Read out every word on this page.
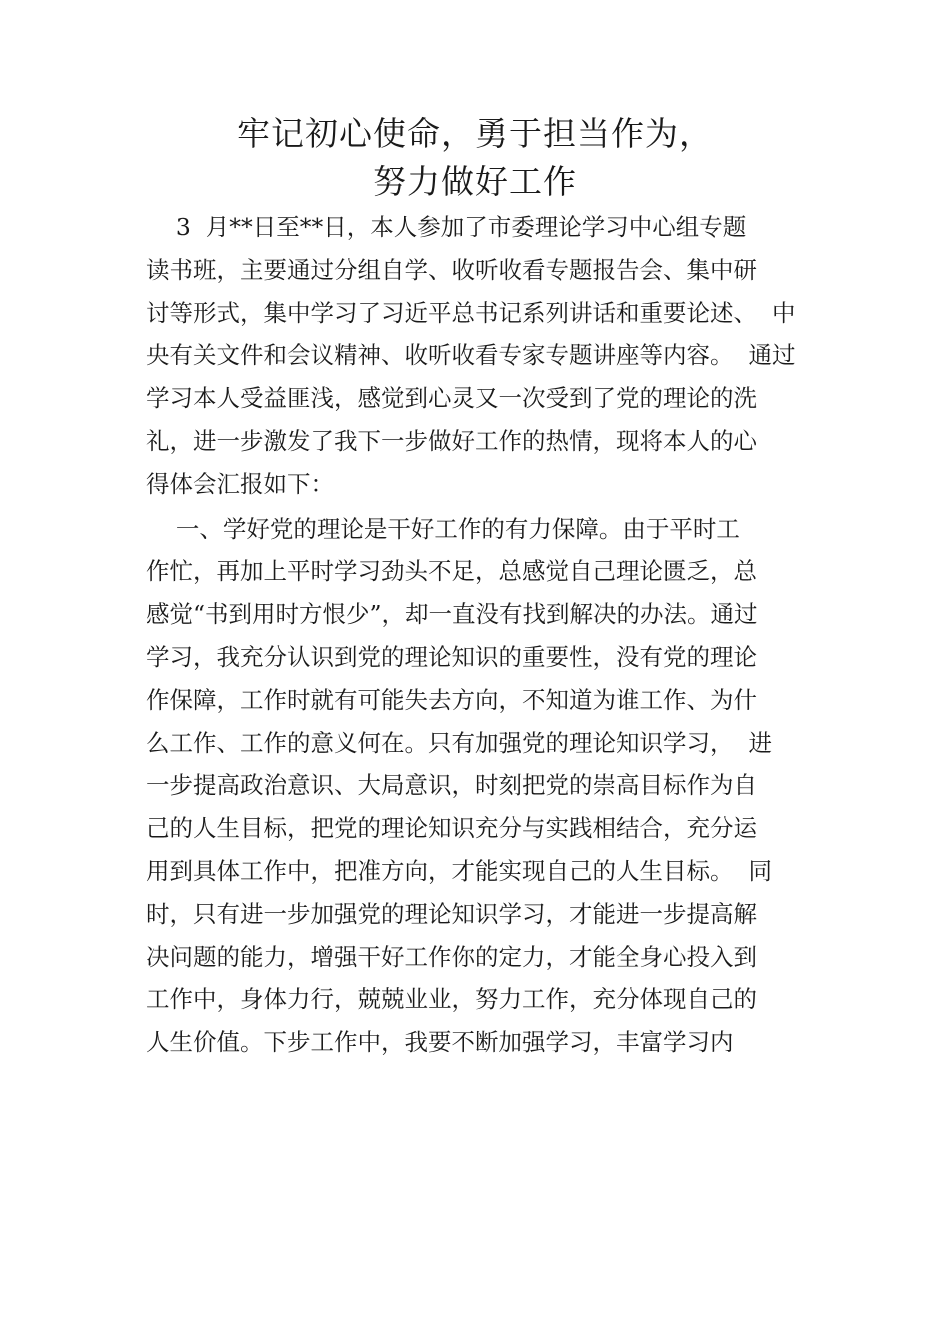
牢记初心使命，勇于担当作为，
努力做好工作
3  月**日至**日，本人参加了市委理论学习中心组专题
读书班，主要通过分组自学、收听收看专题报告会、集中研
讨等形式，集中学习了习近平总书记系列讲话和重要论述、  中
央有关文件和会议精神、收听收看专家专题讲座等内容。  通过
学习本人受益匪浅，感觉到心灵又一次受到了党的理论的洗
礼，进一步激发了我下一步做好工作的热情，现将本人的心
得体会汇报如下：
一、学好党的理论是干好工作的有力保障。由于平时工
作忙，再加上平时学习劲头不足，总感觉自己理论匮乏，总
感觉“书到用时方恨少”，却一直没有找到解决的办法。通过
学习，我充分认识到党的理论知识的重要性，没有党的理论
作保障，工作时就有可能失去方向，不知道为谁工作、为什
么工作、工作的意义何在。只有加强党的理论知识学习，  进
一步提高政治意识、大局意识，时刻把党的崇高目标作为自
己的人生目标，把党的理论知识充分与实践相结合，充分运
用到具体工作中，把准方向，才能实现自己的人生目标。  同
时，只有进一步加强党的理论知识学习，才能进一步提高解
决问题的能力，增强干好工作你的定力，才能全身心投入到
工作中，身体力行，兢兢业业，努力工作，充分体现自己的
人生价值。下步工作中，我要不断加强学习，丰富学习内
